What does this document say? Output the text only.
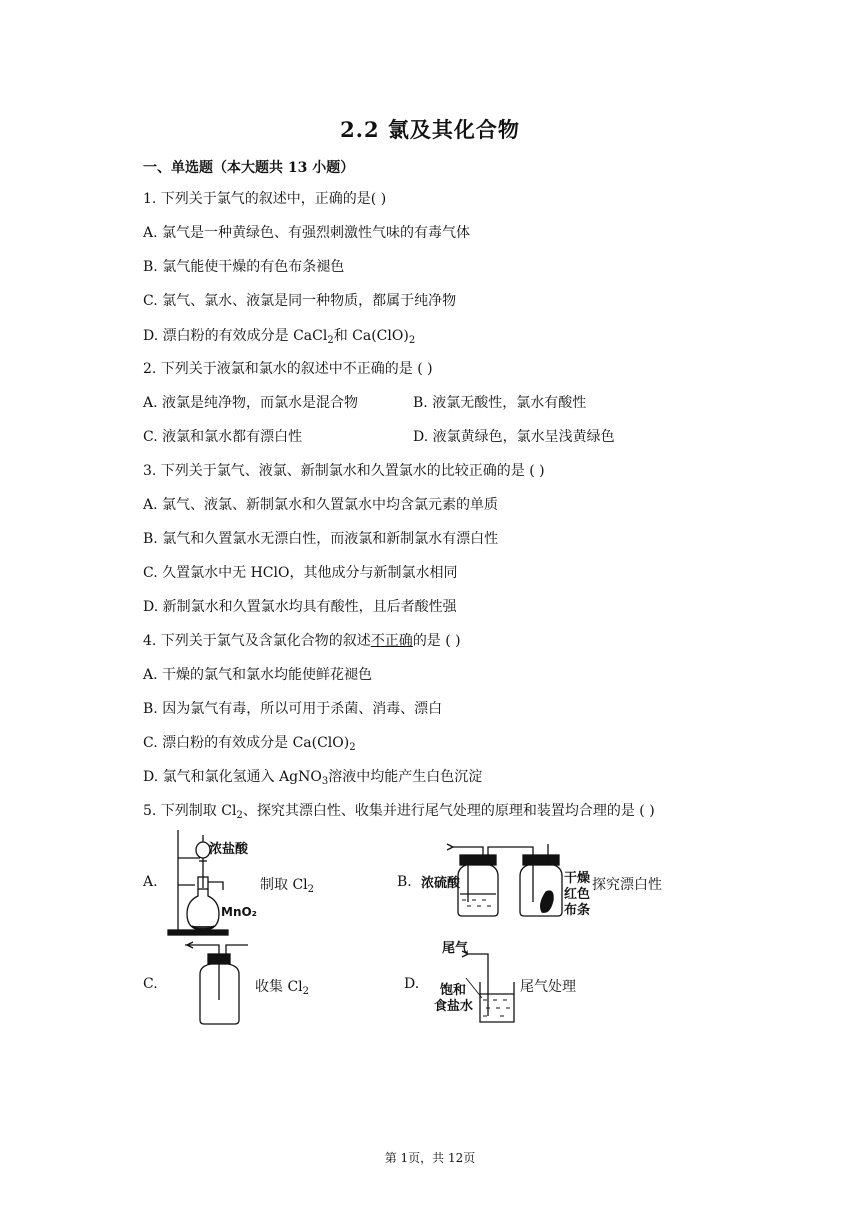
2.2 氯及其化合物
一、单选题（本大题共 13 小题）
1. 下列关于氯气的叙述中，正确的是( )
A. 氯气是一种黄绿色、有强烈刺激性气味的有毒气体
B. 氯气能使干燥的有色布条褪色
C. 氯气、氯水、液氯是同一种物质，都属于纯净物
D. 漂白粉的有效成分是 CaCl$_2$和 $Ca(ClO)_2$
2. 下列关于液氯和氯水的叙述中不正确的是 ( )
A. 液氯是纯净物，而氯水是混合物	B. 液氯无酸性，氯水有酸性
C. 液氯和氯水都有漂白性	D. 液氯黄绿色，氯水呈浅黄绿色
3. 下列关于氯气、液氯、新制氯水和久置氯水的比较正确的是 ( )
A. 氯气、液氯、新制氯水和久置氯水中均含氯元素的单质
B. 氯气和久置氯水无漂白性，而液氯和新制氯水有漂白性
C. 久置氯水中无 HClO，其他成分与新制氯水相同
D. 新制氯水和久置氯水均具有酸性，且后者酸性强
4. 下列关于氯气及含氯化合物的叙述不正确的是 ( )
A. 干燥的氯气和氯水均能使鲜花褪色
B. 因为氯气有毒，所以可用于杀菌、消毒、漂白
C. 漂白粉的有效成分是 $Ca(ClO)_2$
D. 氯气和氯化氢通入 AgNO$_3$溶液中均能产生白色沉淀
5. 下列制取 $Cl_2$、探究其漂白性、收集并进行尾气处理的原理和装置均合理的是 ( )
A.	制取 $Cl_2$	B.	探究漂白性
C.	收集 $Cl_2$	D.	尾气处理
浓盐酸
MnO₂
浓硫酸	干燥
红色
布条
尾气
饱和
食盐水
第 1页，共 12页
